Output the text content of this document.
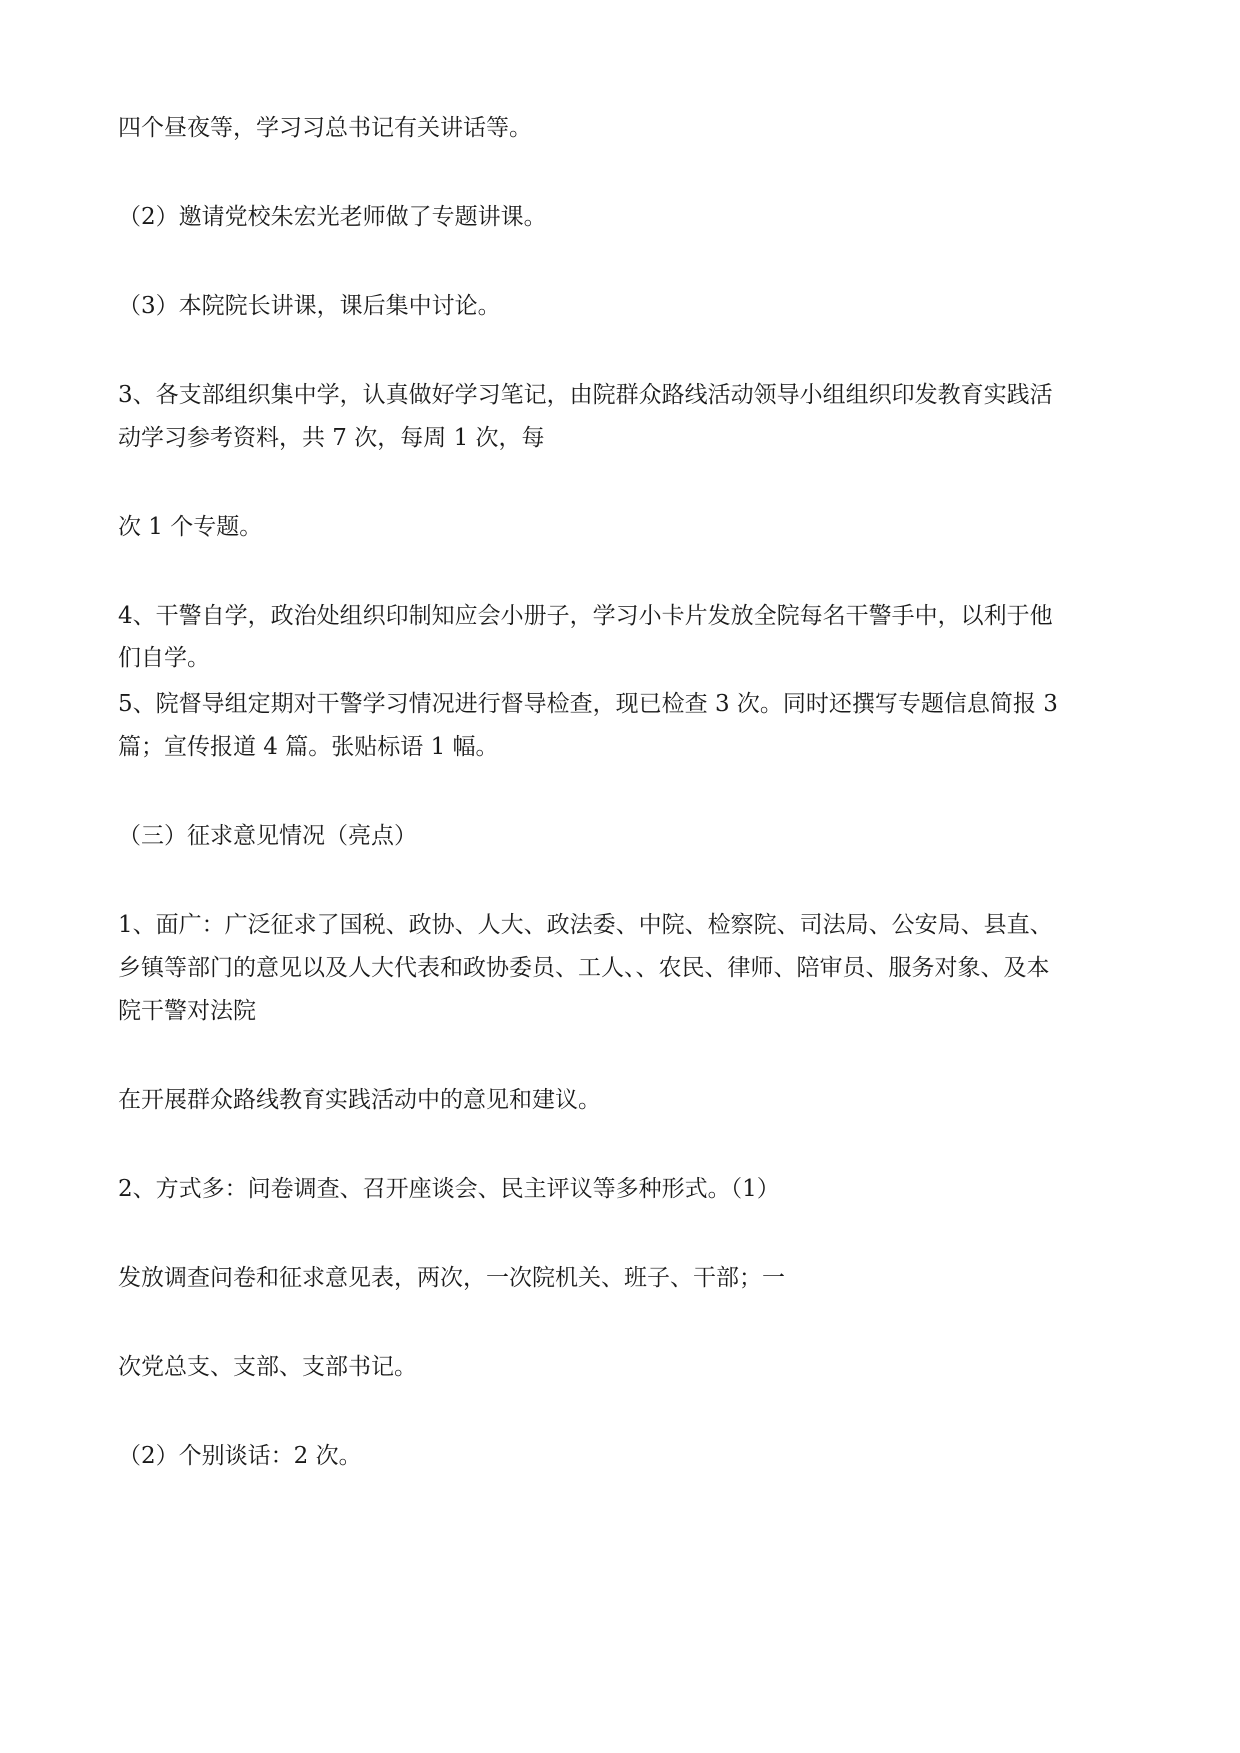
四个昼夜等，学习习总书记有关讲话等。

（2）邀请党校朱宏光老师做了专题讲课。

（3）本院院长讲课，课后集中讨论。

3、各支部组织集中学，认真做好学习笔记，由院群众路线活动领导小组组织印发教育实践活

动学习参考资料，共 7 次，每周 1 次，每

次 1 个专题。

4、干警自学，政治处组织印制知应会小册子，学习小卡片发放全院每名干警手中，以利于他

们自学。

5、院督导组定期对干警学习情况进行督导检查，现已检查 3 次。同时还撰写专题信息简报 3

篇；宣传报道 4 篇。张贴标语 1 幅。

（三）征求意见情况（亮点）

1、面广：广泛征求了国税、政协、人大、政法委、中院、检察院、司法局、公安局、县直、

乡镇等部门的意见以及人大代表和政协委员、工人、、农民、律师、陪审员、服务对象、及本

院干警对法院

在开展群众路线教育实践活动中的意见和建议。

2、方式多：问卷调查、召开座谈会、民主评议等多种形式。（1）

发放调查问卷和征求意见表，两次，一次院机关、班子、干部；一

次党总支、支部、支部书记。

（2）个别谈话：2 次。
